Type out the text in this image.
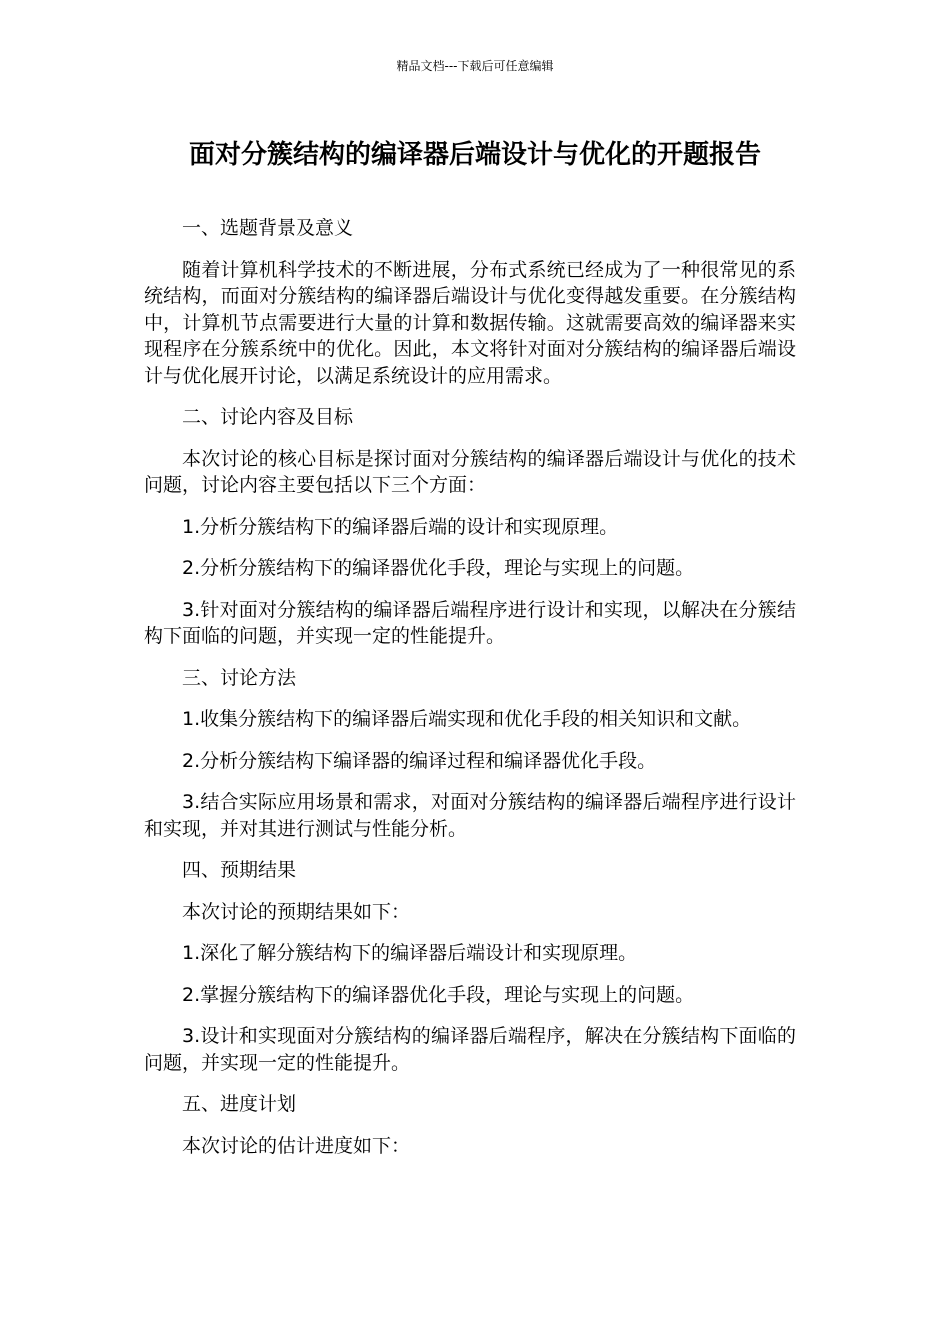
精品文档---下载后可任意编辑
面对分簇结构的编译器后端设计与优化的开题报告

一、选题背景及意义

随着计算机科学技术的不断进展，分布式系统已经成为了一种很常见的系统结构，而面对分簇结构的编译器后端设计与优化变得越发重要。在分簇结构中，计算机节点需要进行大量的计算和数据传输。这就需要高效的编译器来实现程序在分簇系统中的优化。因此，本文将针对面对分簇结构的编译器后端设计与优化展开讨论，以满足系统设计的应用需求。

二、讨论内容及目标

本次讨论的核心目标是探讨面对分簇结构的编译器后端设计与优化的技术问题，讨论内容主要包括以下三个方面：

1.分析分簇结构下的编译器后端的设计和实现原理。

2.分析分簇结构下的编译器优化手段，理论与实现上的问题。

3.针对面对分簇结构的编译器后端程序进行设计和实现，以解决在分簇结构下面临的问题，并实现一定的性能提升。

三、讨论方法

1.收集分簇结构下的编译器后端实现和优化手段的相关知识和文献。

2.分析分簇结构下编译器的编译过程和编译器优化手段。

3.结合实际应用场景和需求，对面对分簇结构的编译器后端程序进行设计和实现，并对其进行测试与性能分析。

四、预期结果

本次讨论的预期结果如下：

1.深化了解分簇结构下的编译器后端设计和实现原理。

2.掌握分簇结构下的编译器优化手段，理论与实现上的问题。

3.设计和实现面对分簇结构的编译器后端程序，解决在分簇结构下面临的问题，并实现一定的性能提升。

五、进度计划

本次讨论的估计进度如下：
